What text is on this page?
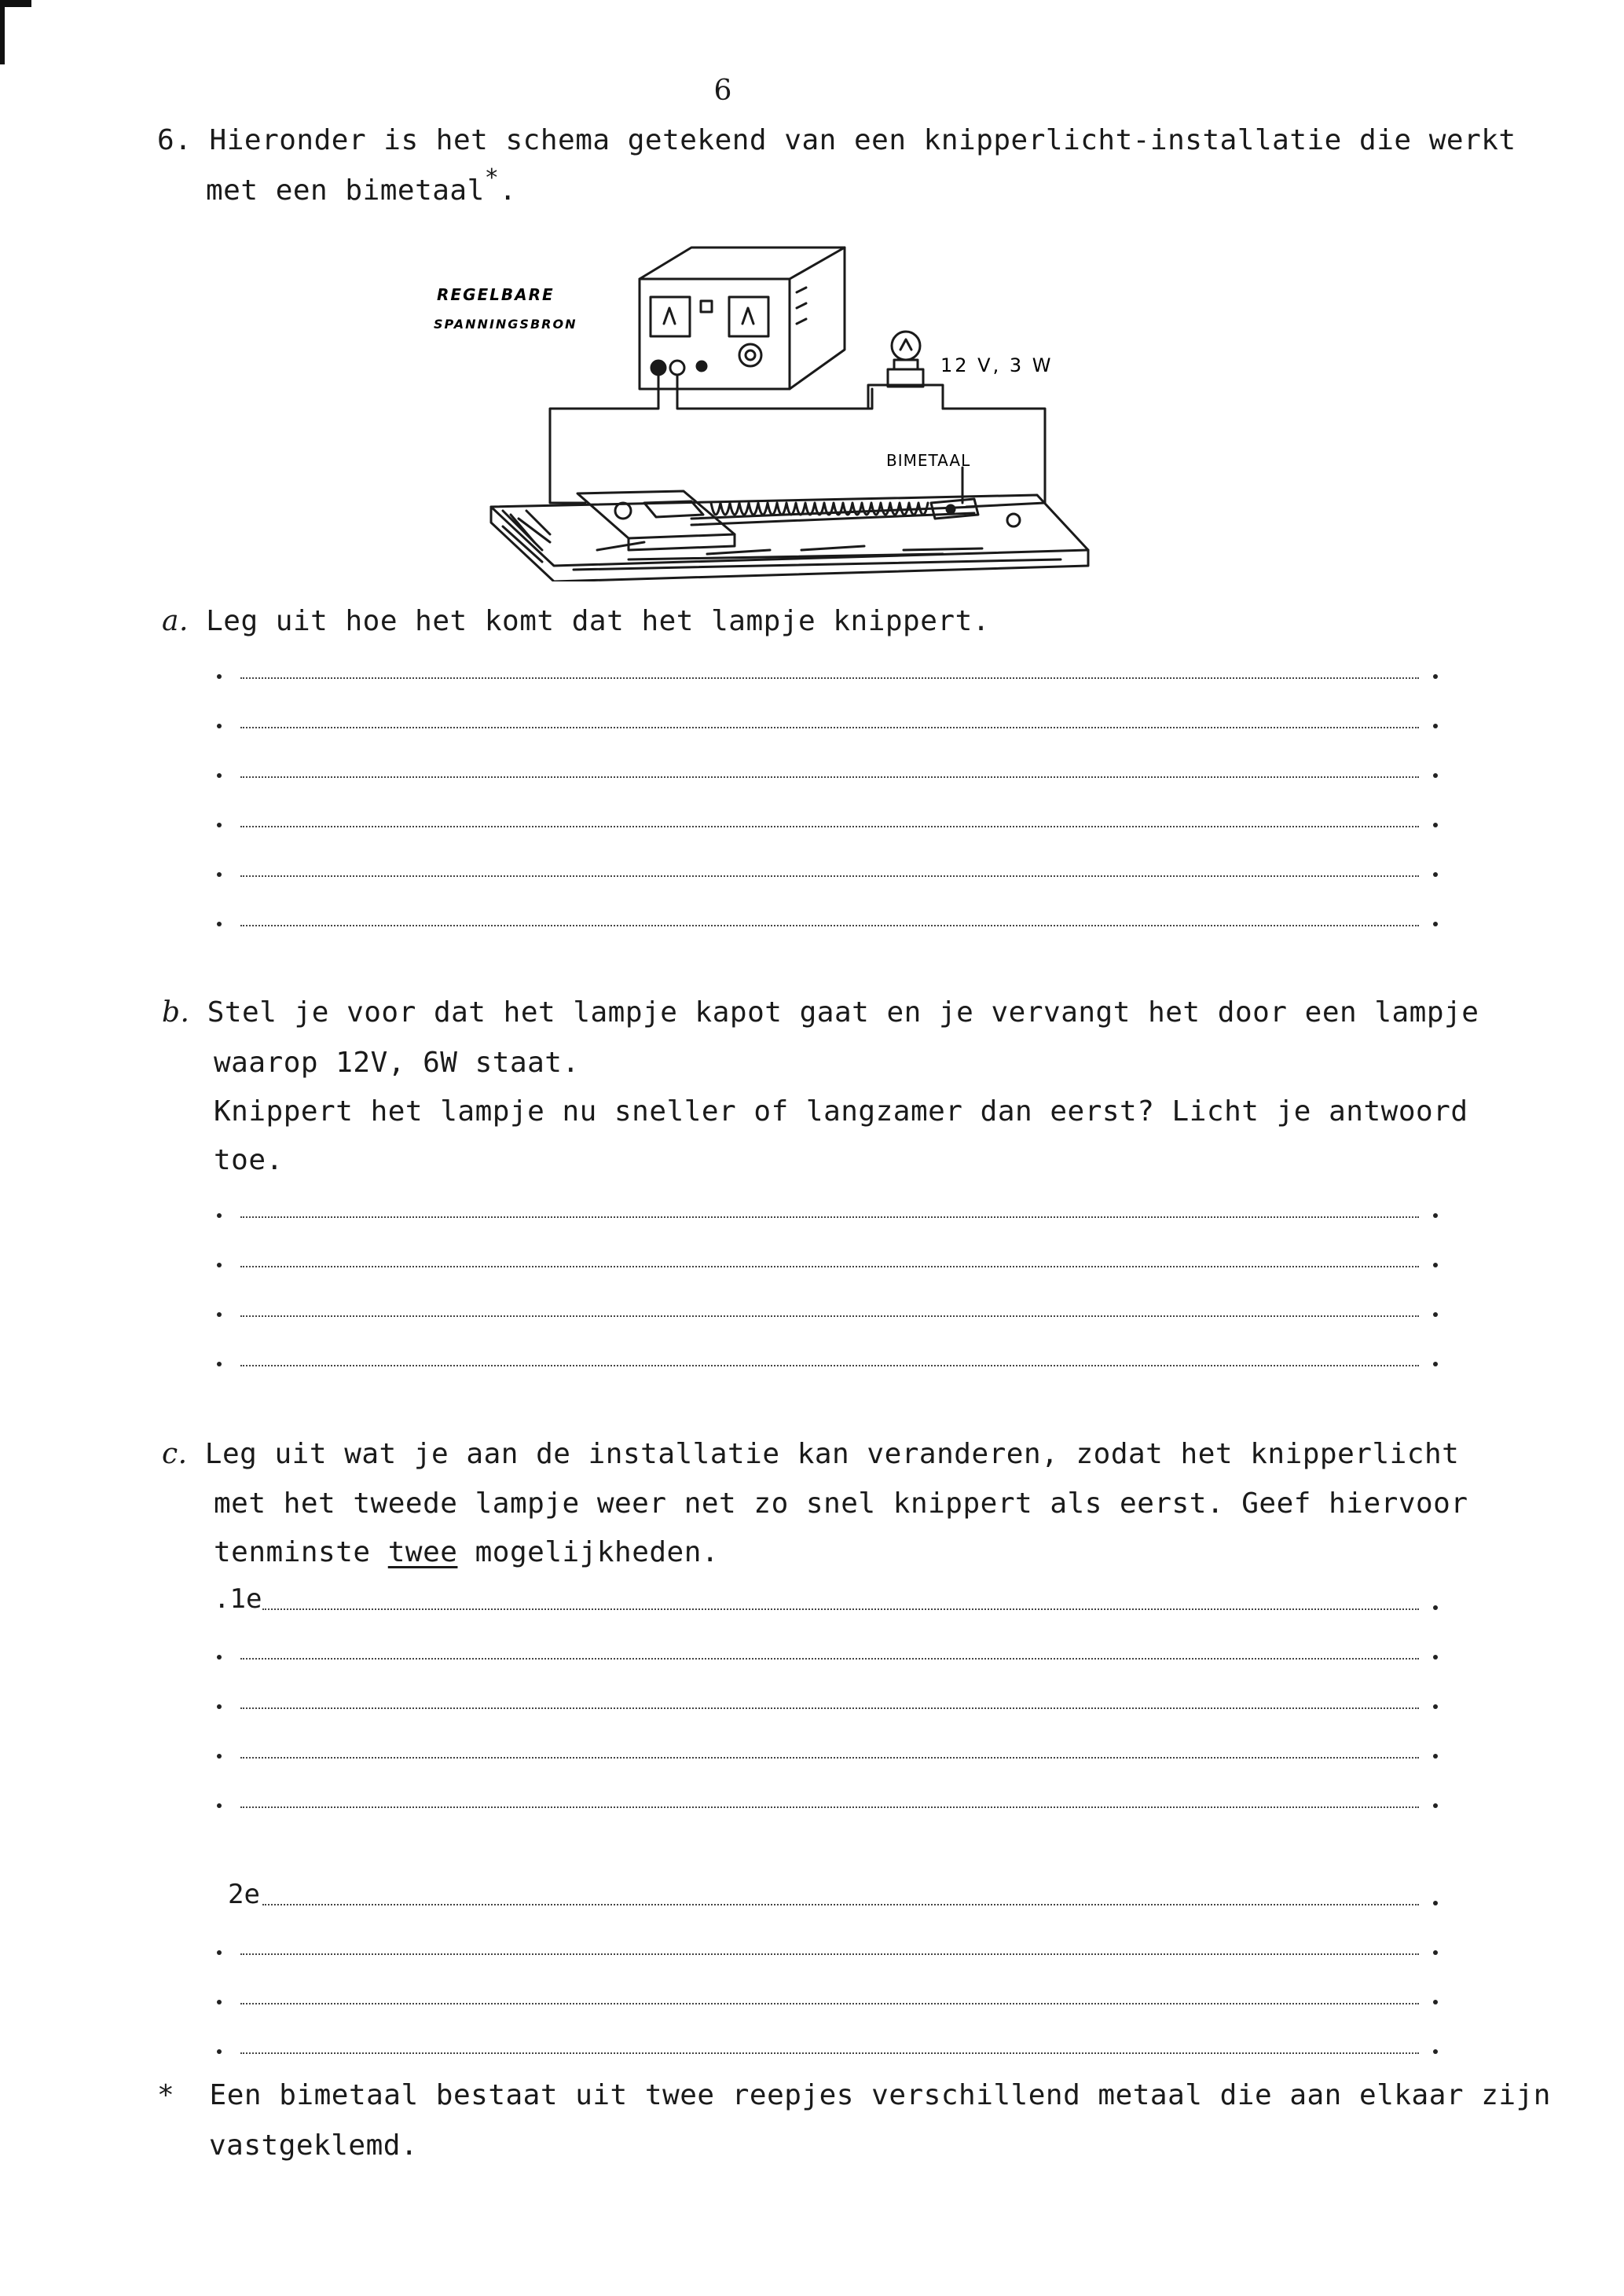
6
6. Hieronder is het schema getekend van een knipperlicht-installatie die werkt
met een bimetaal*.
REGELBARE
SPANNINGSBRON
12 V, 3 W
BIMETAAL
a. Leg uit hoe het komt dat het lampje knippert.
b. Stel je voor dat het lampje kapot gaat en je vervangt het door een lampje
waarop 12V, 6W staat.
Knippert het lampje nu sneller of langzamer dan eerst? Licht je antwoord
toe.
c. Leg uit wat je aan de installatie kan veranderen, zodat het knipperlicht
met het tweede lampje weer net zo snel knippert als eerst. Geef hiervoor
tenminste twee mogelijkheden.
.1e
2e
* Een bimetaal bestaat uit twee reepjes verschillend metaal die aan elkaar zijn
vastgeklemd.
